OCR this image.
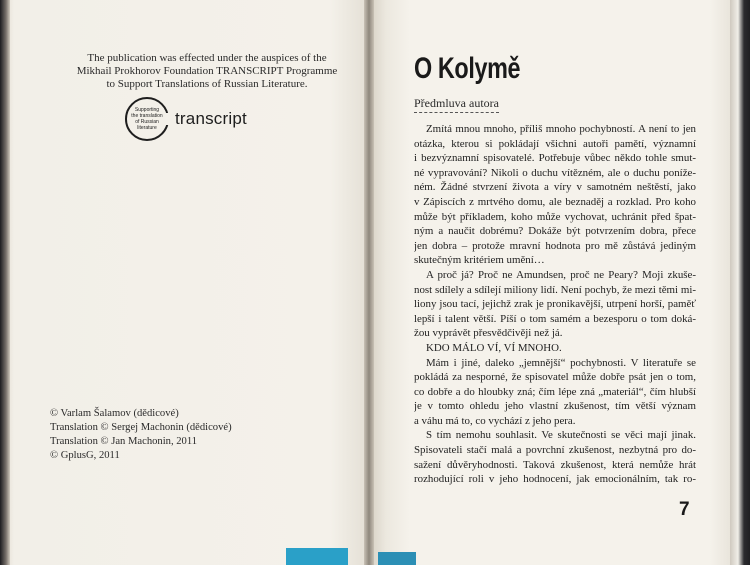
The publication was effected under the auspices of the
Mikhail Prokhorov Foundation TRANSCRIPT Programme
to Support Translations of Russian Literature.
Supporting
the translation
of Russian
literature	transcript
© Varlam Šalamov (dědicové)
Translation © Sergej Machonin (dědicové)
Translation © Jan Machonin, 2011
© GplusG, 2011
O Kolymě
Předmluva autora
Zmítá mnou mnoho, příliš mnoho pochybností. A není to jen
otázka, kterou si pokládají všichni autoři pamětí, významní
i bezvýznamní spisovatelé. Potřebuje vůbec někdo tohle smut-
né vypravování? Nikoli o duchu vítězném, ale o duchu poníže-
ném. Žádné stvrzení života a víry v samotném neštěstí, jako
v Zápiscích z mrtvého domu, ale beznaděj a rozklad. Pro koho
může být příkladem, koho může vychovat, uchránit před špat-
ným a naučit dobrému? Dokáže být potvrzením dobra, přece
jen dobra – protože mravní hodnota pro mě zůstává jediným
skutečným kritériem umění…
A proč já? Proč ne Amundsen, proč ne Peary? Moji zkuše-
nost sdílely a sdílejí miliony lidí. Není pochyb, že mezi těmi mi-
liony jsou tací, jejichž zrak je pronikavější, utrpení horší, paměť
lepší i talent větší. Píší o tom samém a bezesporu o tom doká-
žou vyprávět přesvědčivěji než já.
KDO MÁLO VÍ, VÍ MNOHO.
Mám i jiné, daleko „jemnější“ pochybnosti. V literatuře se
pokládá za nesporné, že spisovatel může dobře psát jen o tom,
co dobře a do hloubky zná; čím lépe zná „materiál“, čím hlubší
je v tomto ohledu jeho vlastní zkušenost, tím větší význam
a váhu má to, co vychází z jeho pera.
S tím nemohu souhlasit. Ve skutečnosti se věci mají jinak.
Spisovateli stačí malá a povrchní zkušenost, nezbytná pro do-
sažení důvěryhodnosti. Taková zkušenost, která nemůže hrát
rozhodující roli v jeho hodnocení, jak emocionálním, tak ro-
7
